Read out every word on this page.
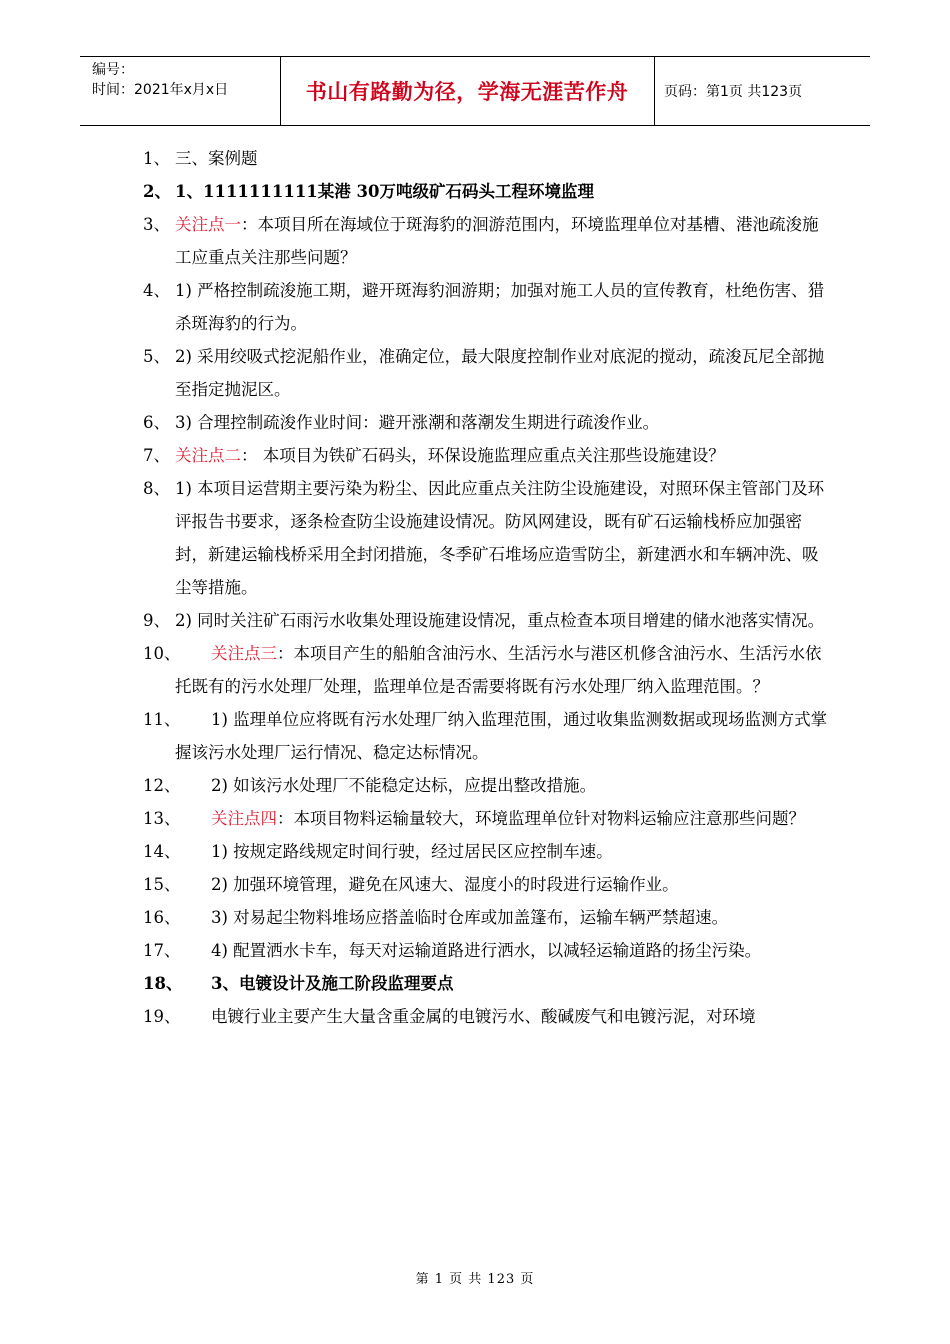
编号：
时间：2021年x月x日	书山有路勤为径，学海无涯苦作舟	页码：第1页 共123页
1、 三、案例题
2、 1、1111111111某港 30万吨级矿石码头工程环境监理
3、 关注点一：本项目所在海域位于斑海豹的洄游范围内，环境监理单位对基槽、港池疏浚施工应重点关注那些问题？
4、 1) 严格控制疏浚施工期，避开斑海豹洄游期；加强对施工人员的宣传教育，杜绝伤害、猎杀斑海豹的行为。
5、 2) 采用绞吸式挖泥船作业，准确定位，最大限度控制作业对底泥的搅动，疏浚瓦尼全部抛至指定抛泥区。
6、 3) 合理控制疏浚作业时间：避开涨潮和落潮发生期进行疏浚作业。
7、 关注点二： 本项目为铁矿石码头，环保设施监理应重点关注那些设施建设？
8、 1) 本项目运营期主要污染为粉尘、因此应重点关注防尘设施建设，对照环保主管部门及环评报告书要求，逐条检查防尘设施建设情况。防风网建设，既有矿石运输栈桥应加强密封，新建运输栈桥采用全封闭措施，冬季矿石堆场应造雪防尘，新建洒水和车辆冲洗、吸尘等措施。
9、 2) 同时关注矿石雨污水收集处理设施建设情况，重点检查本项目增建的储水池落实情况。
10、	关注点三：本项目产生的船舶含油污水、生活污水与港区机修含油污水、生活污水依托既有的污水处理厂处理，监理单位是否需要将既有污水处理厂纳入监理范围。？
11、	1) 监理单位应将既有污水处理厂纳入监理范围，通过收集监测数据或现场监测方式掌握该污水处理厂运行情况、稳定达标情况。
12、	2) 如该污水处理厂不能稳定达标，应提出整改措施。
13、	关注点四：本项目物料运输量较大，环境监理单位针对物料运输应注意那些问题？
14、	1) 按规定路线规定时间行驶，经过居民区应控制车速。
15、	2) 加强环境管理，避免在风速大、湿度小的时段进行运输作业。
16、	3) 对易起尘物料堆场应搭盖临时仓库或加盖篷布，运输车辆严禁超速。
17、	4) 配置洒水卡车，每天对运输道路进行洒水，以减轻运输道路的扬尘污染。
18、	3、电镀设计及施工阶段监理要点
19、	电镀行业主要产生大量含重金属的电镀污水、酸碱废气和电镀污泥，对环境
第 1 页 共 123 页
